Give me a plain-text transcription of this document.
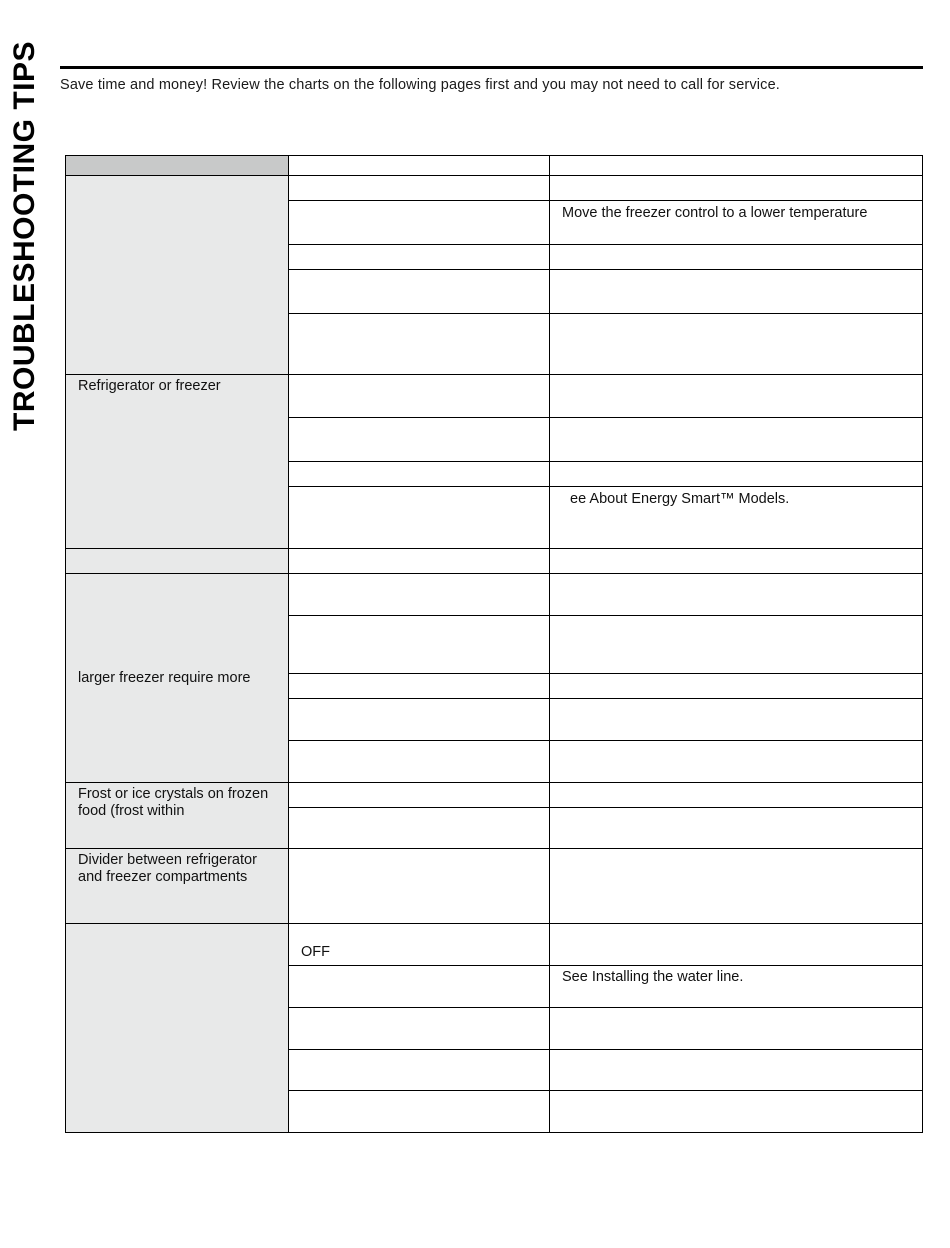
TROUBLESHOOTING TIPS Save time and money! Review the charts on the following pages first and you may not need to call for service.

		Move the freezer control to a lower temperature

Refrigerator or freezer		

		ee About Energy Smart™ Models.

larger freezer require more		

Frost or ice crystals on frozen food (frost within		

Divider between refrigerator and freezer compartments		

	OFF	

		See Installing the water line.
